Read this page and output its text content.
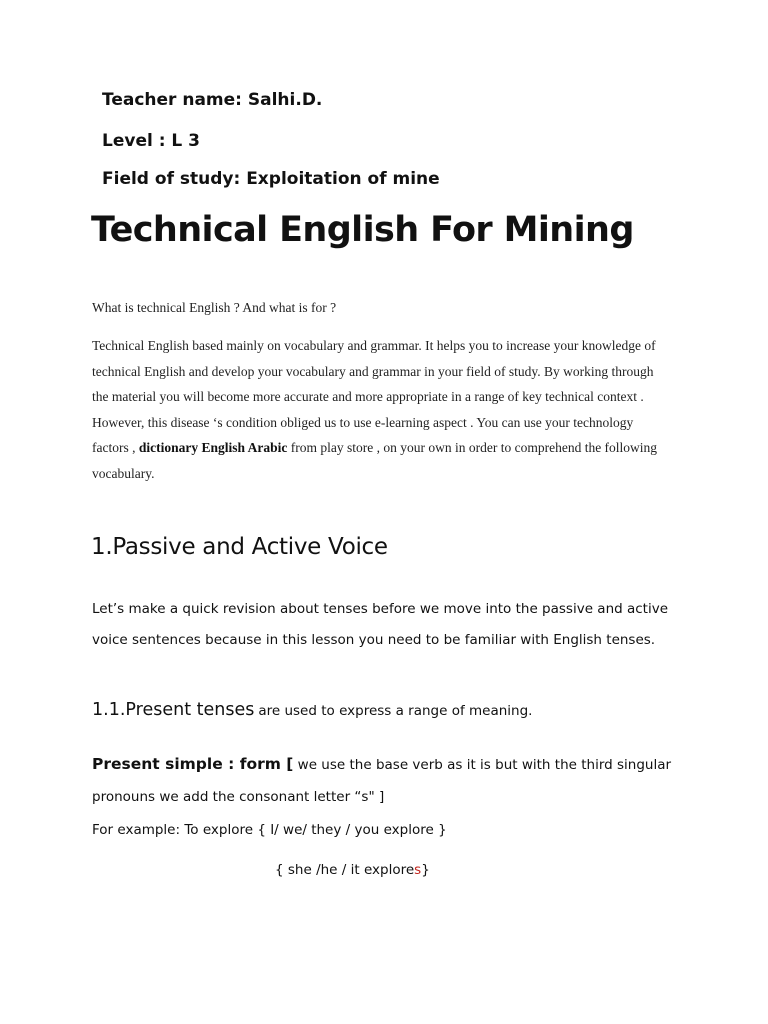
Teacher name: Salhi.D.
Level : L 3
Field of study: Exploitation of mine
Technical English For Mining
What is technical English ? And what is for ?

Technical English based mainly on vocabulary and grammar. It helps you to increase your knowledge of technical English and develop your vocabulary and grammar in your field of study. By working through the material you will become more accurate and more appropriate in a range of key technical context . However, this disease ‘s condition obliged us to use e-learning aspect . You can use your technology factors , dictionary English Arabic from play store , on your own in order to comprehend the following vocabulary.

1.Passive and Active Voice

Let’s make a quick revision about tenses before we move into the passive and active voice sentences because in this lesson you need to be familiar with English tenses.

1.1.Present tenses are used to express a range of meaning.

Present simple : form [ we use the base verb as it is but with the third singular pronouns we add the consonant letter “s" ]

For example: To explore { I/ we/ they / you explore }
{ she /he / it explores}
